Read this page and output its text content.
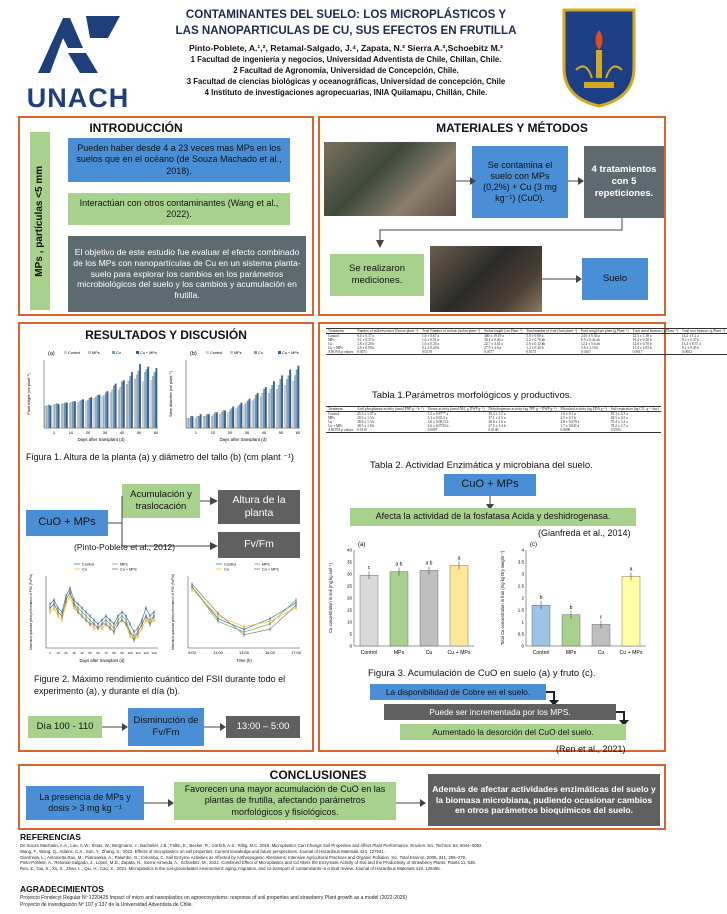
UNACH
CONTAMINANTES DEL SUELO: LOS MICROPLÁSTICOS Y
LAS NANOPARTICULAS DE CU, SUS EFECTOS EN FRUTILLA
Pinto-Poblete, A.¹,², Retamal-Salgado, J.⁴, Zapata, N.² Sierra A.³,Schoebitz M.²
1 Facultad de ingeniería y negocios, Universidad Adventista de Chile, Chillan, Chile.
2 Facultad de Agronomía, Universidad de Concepción, Chile.
3 Facultad de ciencias biológicas y oceanográficas, Universidad de concepción, Chile
4 Instituto de investigaciones agropecuarias, INIA Quilamapu, Chillán, Chile.
INTRODUCCIÓN
MPs , partículas <5 mm
Pueden haber desde 4 a 23 veces mas MPs en los suelos que en el océano (de Souza Machado et al., 2018).
Interactúan con otros contaminantes (Wang et al., 2022).
El objetivo de este estudio fue evaluar el efecto combinado de los MPs con nanopartículas de Cu en un sistema planta-suelo para explorar los cambios en los parámetros microbiológicos del suelo y los cambios y acumulación en frutilla.
MATERIALES Y MÉTODOS
Se contamina el suelo con MPs (0,2%) + Cu (3 mg kg⁻¹) (CuO).
4 tratamientos con 5 repeticiones.
Se realizaron mediciones.	Suelo
RESULTADOS Y DISCUSIÓN
(a)	Control	MPs	Cu	Cu + MPs
Plant height (cm plant⁻¹)
Days after transplant (d)
1	10	20	30	40	50	60
(b)	Control	MPs	Cu	Cu + MPs
Stem diameter (cm plant⁻¹)
Days after transplant (d)
1	10	20	30	40	50	60
Figura 1. Altura de la planta (a) y diámetro del tallo (b) (cm plant ⁻¹)
Acumulación y traslocación
CuO + MPs
Altura de la planta
Fv/Fm
(Pinto-Poblete et al., 2012)
Control	MPs
Cu	Cu + MPs
Maximum quantum yield performance of PSII (Fv/Fm)
Days after transplant (d)
1 10 20 30 40 50 60 70 80 90 100 110 120 130
Control	MPs
Cu	Cu + MPs
Maximum quantum yield performance of PSII (Fv/Fm)
Time (h)
9:00	11:00	13:00	15:00	17:00
Figure 2. Máximo rendimiento cuántico del FSII durante todo el experimento (a), y durante el día (b).
Día 100 - 110
Disminución de Fv/Fm
13:00 – 5:00
Treatments	Number of inflorescences (flower plant⁻¹)	Total Number of stolons (stolon plant⁻¹)	Stolon length (cm Plant⁻¹)	Total number of fruit (fruit plant⁻¹)	Fruit weight per plant (g Plant⁻¹)	Total aerial biomass (g Plant⁻¹)	Total root biomass (g Plant⁻¹)
Control	9.4 ± 0.37 a	1.6 ± 0.67 a	400 ± 19.19 a	5.0 ± 0.00 a	24.9 ± 5.36 a	22.3 ± 1.38 a	14.2 ± 1.2 a
MPs	3.2 ± 0.37 b	1.4 ± 0.51 a	36.4 ± 0.40 a	2.2 ± 0.78 ab	8.5 ± 0.42 ab	19.4 ± 0.28 b	9.2 ± 0.37 b
Cu	1.8 ± 0.20 b	1.0 ± 0.45 a	22.7 ± 4.61 a	2.6 ± 0.12 ab	12.4 ± 5.6 ab	12.0 ± 0.70 b	13.2 ± 0.57 a
Cu + MPs	2.6 ± 0.50 b	0.2 ± 0.20 b	27.9 ± 4.6 a	1.2 ± 0.20 b	5.6 ± 2.10 b	11.4 ± 1.03 b	9.2 ± 0.45 b
ANOVA p values	0.0071	0.0170	0.0577	0.0175	0.0167	0.0017	0.0002
Tabla 1.Parámetros morfológicos y productivos.
Treatment	Acid phosphatase activity (umol PNP g⁻¹ h⁻¹)	Urease activity (umol NH₄ g DWP g⁻¹)	Dehydrogenase activity (ug TPF g⁻¹ DWP g⁻¹)	Microbial activity (ug FDA g⁻¹)	Soil respiration (ug CO₂ g⁻¹ day)
Control	25.3 ± 1.07 a	3.2 ± 0.87** a	39.3 ± 1.5 a	1.6 ± 0.1 a	81.3 ± 4.3 a
MPs	29.3 ± 1.5 b	3.1 ± 0.65.2 a	37.1 ± 2.5 a	2.5 ± 0.1 b	84.5 ± 4.5 a
Cu	28.6 ± 1.3 b	2.6 ± 0.0013 b	36.8 ± 1.6 a	1.8 ± 0.079 a	79.4 ± 3.2 a
Cu + MPs	28.5 ± 1.8 b	2.6 ± 0.0735 b	27.5 ± 1.4 b	1.7 ± 0.041 a	78.2 ± 2.7 a
ANOVA p values	0.0110	0.0097	0.0140	0.0000	0.5503
Tabla 2. Actividad Enzimática y microbiana del suelo.
CuO + MPs
Afecta la actividad de la fosfatasa Acida y deshidrogenasa.
(Gianfreda et al., 2014)
(a)
Cu concentration in soil (mg kg soil⁻¹)
0
5
10
15
20
25
30
35
40
c
Control
a b
MPs
a b
Cu
a
Cu + MPs
(c)
Total Cu concentration in fruit (mg kg Dry weight⁻¹)
0
0.5
1
1.5
2
2.5
3
3.5
4
b
Control
b
MPs
c
Cu
a
Cu + MPs
Figura 3. Acumulación de CuO en suelo (a) y fruto (c).
La disponibilidad de Cobre en el suelo.
Puede ser incrementada por los MPS.
Aumentado la desorción del CuO del suelo.
(Ren et al., 2021)
CONCLUSIONES
La presencia de MPs y dosis > 3 mg kg ⁻¹
Favorecen una mayor acumulación de CuO en las plantas de frutilla, afectando parámetros morfológicos y fisiológicos.
Además de afectar actividades enzimáticas del suelo y la biomasa microbiana, pudiendo ocasionar cambios en otros parámetros bioquímicos del suelo.
REFERENCIAS
De Souza Machado, A.A.; Lau, C.W.; Kloas, W.; Bergmann, J.; Bachelier, J.B.; Faltin, E.; Becker, R.; Görlich, A.S.; Rillig, M.C. 2019. Microplastics Can Change Soil Properties and Affect Plant Performance. Environ. Sci. Technol. 53, 6044–6052.
Wang, F., Wang, Q., Adams, C.A., Sun, Y., Zhang, S., 2022. Effects of microplastics on soil properties: Current knowledge and future perspectives. Journal of Hazardous Materials 424, 127531.
Gianfreda, L.; Antonietta Rao, M.; Piotrowska, A.; Palumbo, G.; Colombo, C. Soil Enzyme Activities as Affected by Anthropogenic Alterations: Intensive Agricultural Practices and Organic Pollution. Sci. Total Environ. 2005, 341, 265–279.
Pinto-Poblete, A., Retamal-Salgado, J., López, M.D., Zapata, N., Sierra-Almeida, A., Schoebitz, M., 2022. Combined Effect of Microplastics and Cd Alters the Enzymatic Activity of Soil and the Productivity of Strawberry Plants. Plants 11, 536.
Ren, Z., Gui, X., Xu, X., Zhao, L., Qiu, H., Cao, X., 2021. Microplastics in the soil-groundwater environment: aging, migration, and co-transport of contaminants–a critical review. Journal of Hazardous Materials 419, 126455.
AGRADECIMIENTOS
Proyecto Fondecyt Regular Nº 1220425 Impact of micro and nanoplastics on agroecosystems: response of soil properties and strawberry Plant growth as a model (2022-2026)
Proyecto de investigación Nº 107 y 137 de la Universidad Adventista de Chile.
